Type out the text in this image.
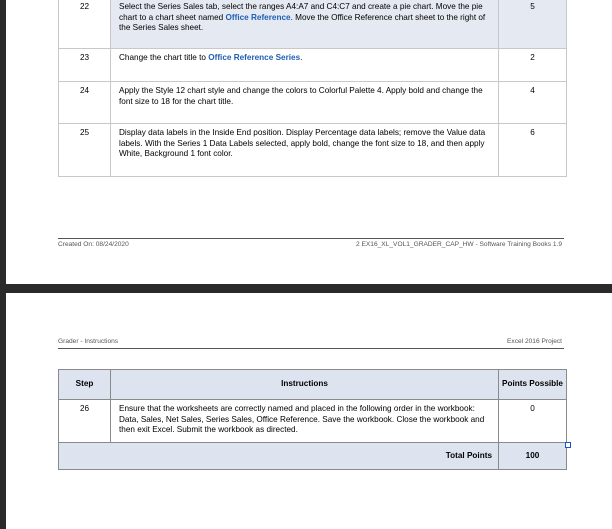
22	Select the Series Sales tab, select the ranges A4:A7 and C4:C7 and create a pie chart. Move the pie chart to a chart sheet named Office Reference. Move the Office Reference chart sheet to the right of the Series Sales sheet.	5
23	Change the chart title to Office Reference Series.	2
24	Apply the Style 12 chart style and change the colors to Colorful Palette 4. Apply bold and change the font size to 18 for the chart title.	4
25	Display data labels in the Inside End position. Display Percentage data labels; remove the Value data labels. With the Series 1 Data Labels selected, apply bold, change the font size to 18, and then apply White, Background 1 font color.	6
Created On: 08/24/2020	2 EX16_XL_VOL1_GRADER_CAP_HW - Software Training Books 1.9
Grader - Instructions	Excel 2016 Project
Step	Instructions	Points Possible
26	Ensure that the worksheets are correctly named and placed in the following order in the workbook: Data, Sales, Net Sales, Series Sales, Office Reference. Save the workbook. Close the workbook and then exit Excel. Submit the workbook as directed.	0
Total Points		100
